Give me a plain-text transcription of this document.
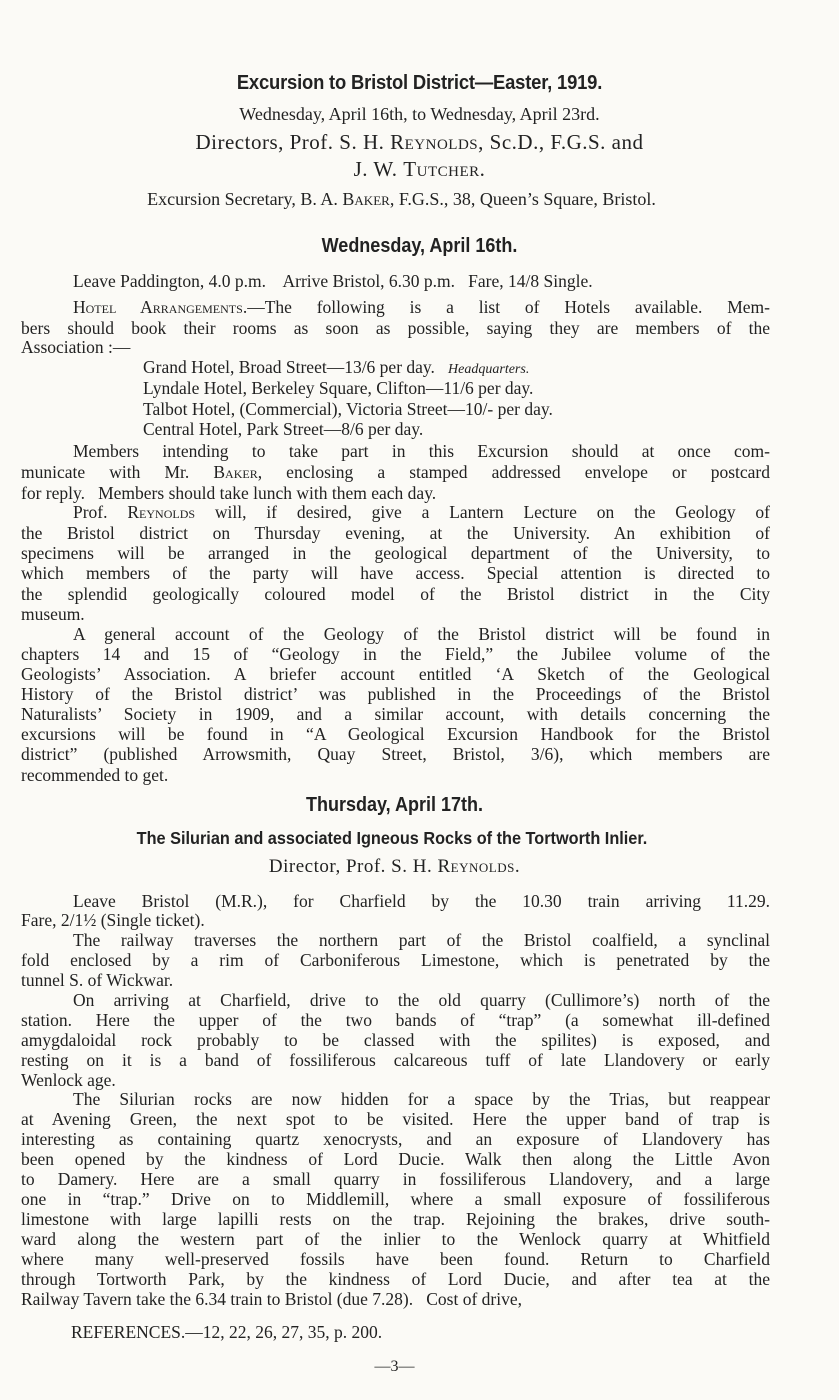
Excursion to Bristol District—Easter, 1919.
Wednesday, April 16th, to Wednesday, April 23rd.
Directors, Prof. S. H. Reynolds, Sc.D., F.G.S. and
J. W. Tutcher.
Excursion Secretary, B. A. Baker, F.G.S., 38, Queen’s Square, Bristol.
Wednesday, April 16th.
Leave Paddington, 4.0 p.m.    Arrive Bristol, 6.30 p.m.   Fare, 14/8 Single.
Hotel Arrangements.—The following is a list of Hotels available. Mem-
bers should book their rooms as soon as possible, saying they are members of the
Association :—
Grand Hotel, Broad Street—13/6 per day. Headquarters.
Lyndale Hotel, Berkeley Square, Clifton—11/6 per day.
Talbot Hotel, (Commercial), Victoria Street—10/- per day.
Central Hotel, Park Street—8/6 per day.
Members intending to take part in this Excursion should at once com-
municate with Mr. Baker, enclosing a stamped addressed envelope or postcard
for reply.   Members should take lunch with them each day.
Prof. Reynolds will, if desired, give a Lantern Lecture on the Geology of
the Bristol district on Thursday evening, at the University. An exhibition of
specimens will be arranged in the geological department of the University, to
which members of the party will have access. Special attention is directed to
the splendid geologically coloured model of the Bristol district in the City
museum.
A general account of the Geology of the Bristol district will be found in
chapters 14 and 15 of “Geology in the Field,” the Jubilee volume of the
Geologists’ Association. A briefer account entitled ‘A Sketch of the Geological
History of the Bristol district’ was published in the Proceedings of the Bristol
Naturalists’ Society in 1909, and a similar account, with details concerning the
excursions will be found in “A Geological Excursion Handbook for the Bristol
district” (published Arrowsmith, Quay Street, Bristol, 3/6), which members are
recommended to get.
Thursday, April 17th.
The Silurian and associated Igneous Rocks of the Tortworth Inlier.
Director, Prof. S. H. Reynolds.
Leave Bristol (M.R.), for Charfield by the 10.30 train arriving 11.29.
Fare, 2/1½ (Single ticket).
The railway traverses the northern part of the Bristol coalfield, a synclinal
fold enclosed by a rim of Carboniferous Limestone, which is penetrated by the
tunnel S. of Wickwar.
On arriving at Charfield, drive to the old quarry (Cullimore’s) north of the
station. Here the upper of the two bands of “trap” (a somewhat ill-defined
amygdaloidal rock probably to be classed with the spilites) is exposed, and
resting on it is a band of fossiliferous calcareous tuff of late Llandovery or early
Wenlock age.
The Silurian rocks are now hidden for a space by the Trias, but reappear
at Avening Green, the next spot to be visited. Here the upper band of trap is
interesting as containing quartz xenocrysts, and an exposure of Llandovery has
been opened by the kindness of Lord Ducie. Walk then along the Little Avon
to Damery. Here are a small quarry in fossiliferous Llandovery, and a large
one in “trap.” Drive on to Middlemill, where a small exposure of fossiliferous
limestone with large lapilli rests on the trap. Rejoining the brakes, drive south-
ward along the western part of the inlier to the Wenlock quarry at Whitfield
where many well-preserved fossils have been found. Return to Charfield
through Tortworth Park, by the kindness of Lord Ducie, and after tea at the
Railway Tavern take the 6.34 train to Bristol (due 7.28).   Cost of drive,
REFERENCES.—12, 22, 26, 27, 35, p. 200.
—3—
